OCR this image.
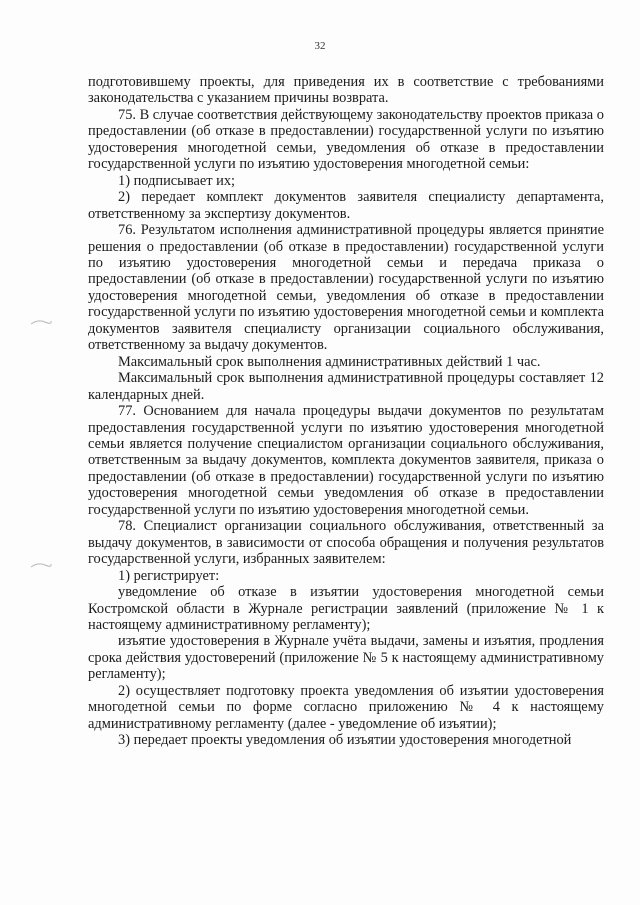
32

подготовившему проекты, для приведения их в соответствие с требованиями законодательства с указанием причины возврата.

75. В случае соответствия действующему законодательству проектов приказа о предоставлении (об отказе в предоставлении) государственной услуги по изъятию удостоверения многодетной семьи, уведомления об отказе в предоставлении государственной услуги по изъятию удостоверения многодетной семьи:

1) подписывает их;

2) передает комплект документов заявителя специалисту департамента, ответственному за экспертизу документов.

76. Результатом исполнения административной процедуры является принятие решения о предоставлении (об отказе в предоставлении) государственной услуги по изъятию удостоверения многодетной семьи и передача приказа о предоставлении (об отказе в предоставлении) государственной услуги по изъятию удостоверения многодетной семьи, уведомления об отказе в предоставлении государственной услуги по изъятию удостоверения многодетной семьи и комплекта документов заявителя специалисту организации социального обслуживания, ответственному за выдачу документов.

Максимальный срок выполнения административных действий 1 час.

Максимальный срок выполнения административной процедуры составляет 12 календарных дней.

77. Основанием для начала процедуры выдачи документов по результатам предоставления государственной услуги по изъятию удостоверения многодетной семьи является получение специалистом организации социального обслуживания, ответственным за выдачу документов, комплекта документов заявителя, приказа о предоставлении (об отказе в предоставлении) государственной услуги по изъятию удостоверения многодетной семьи уведомления об отказе в предоставлении государственной услуги по изъятию удостоверения многодетной семьи.

78. Специалист организации социального обслуживания, ответственный за выдачу документов, в зависимости от способа обращения и получения результатов государственной услуги, избранных заявителем:

1) регистрирует:

уведомление об отказе в изъятии удостоверения многодетной семьи Костромской области в Журнале регистрации заявлений (приложение № 1 к настоящему административному регламенту);

изъятие удостоверения в Журнале учёта выдачи, замены и изъятия, продления срока действия удостоверений (приложение № 5 к настоящему административному регламенту);

2) осуществляет подготовку проекта уведомления об изъятии удостоверения многодетной семьи по форме согласно приложению № 4 к настоящему административному регламенту (далее - уведомление об изъятии);

3) передает проекты уведомления об изъятии удостоверения многодетной
